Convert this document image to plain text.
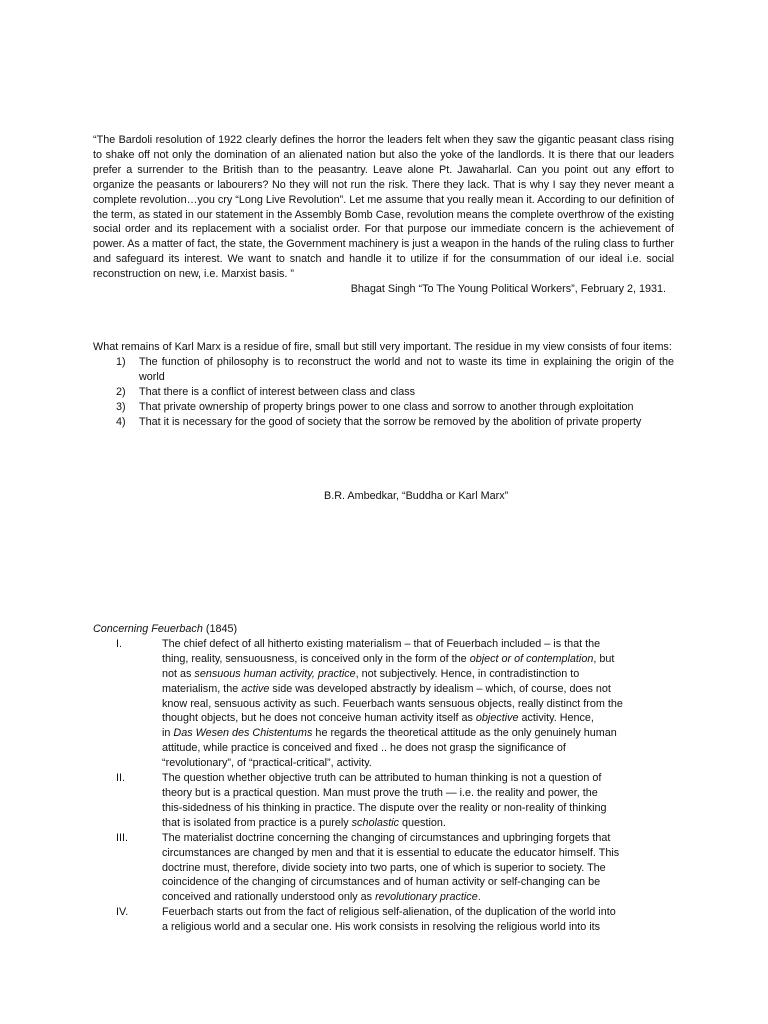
“The Bardoli resolution of 1922 clearly defines the horror the leaders felt when they saw the gigantic peasant class rising to shake off not only the domination of an alienated nation but also the yoke of the landlords. It is there that our leaders prefer a surrender to the British than to the peasantry. Leave alone Pt. Jawaharlal. Can you point out any effort to organize the peasants or labourers? No they will not run the risk. There they lack. That is why I say they never meant a complete revolution…you cry “Long Live Revolution”. Let me assume that you really mean it. According to our definition of the term, as stated in our statement in the Assembly Bomb Case, revolution means the complete overthrow of the existing social order and its replacement with a socialist order. For that purpose our immediate concern is the achievement of power. As a matter of fact, the state, the Government machinery is just a weapon in the hands of the ruling class to further and safeguard its interest. We want to snatch and handle it to utilize if for the consummation of our ideal i.e. social reconstruction on new, i.e. Marxist basis. ”

Bhagat Singh “To The Young Political Workers”, February 2, 1931.

What remains of Karl Marx is a residue of fire, small but still very important. The residue in my view consists of four items:

1) The function of philosophy is to reconstruct the world and not to waste its time in explaining the origin of the world
2) That there is a conflict of interest between class and class
3) That private ownership of property brings power to one class and sorrow to another through exploitation
4) That it is necessary for the good of society that the sorrow be removed by the abolition of private property
B.R. Ambedkar, “Buddha or Karl Marx”

Concerning Feuerbach (1845)

I.	The chief defect of all hitherto existing materialism – that of Feuerbach included – is that the
thing, reality, sensuousness, is conceived only in the form of the object or of contemplation, but
not as sensuous human activity, practice, not subjectively. Hence, in contradistinction to
materialism, the active side was developed abstractly by idealism – which, of course, does not
know real, sensuous activity as such. Feuerbach wants sensuous objects, really distinct from the
thought objects, but he does not conceive human activity itself as objective activity. Hence,
in Das Wesen des Chistentums he regards the theoretical attitude as the only genuinely human
attitude, while practice is conceived and fixed .. he does not grasp the significance of
“revolutionary”, of “practical-critical”, activity.
II.	The question whether objective truth can be attributed to human thinking is not a question of
theory but is a practical question. Man must prove the truth — i.e. the reality and power, the
this-sidedness of his thinking in practice. The dispute over the reality or non-reality of thinking
that is isolated from practice is a purely scholastic question.
III.	The materialist doctrine concerning the changing of circumstances and upbringing forgets that
circumstances are changed by men and that it is essential to educate the educator himself. This
doctrine must, therefore, divide society into two parts, one of which is superior to society. The
coincidence of the changing of circumstances and of human activity or self-changing can be
conceived and rationally understood only as revolutionary practice.
IV.	Feuerbach starts out from the fact of religious self-alienation, of the duplication of the world into
a religious world and a secular one. His work consists in resolving the religious world into its
